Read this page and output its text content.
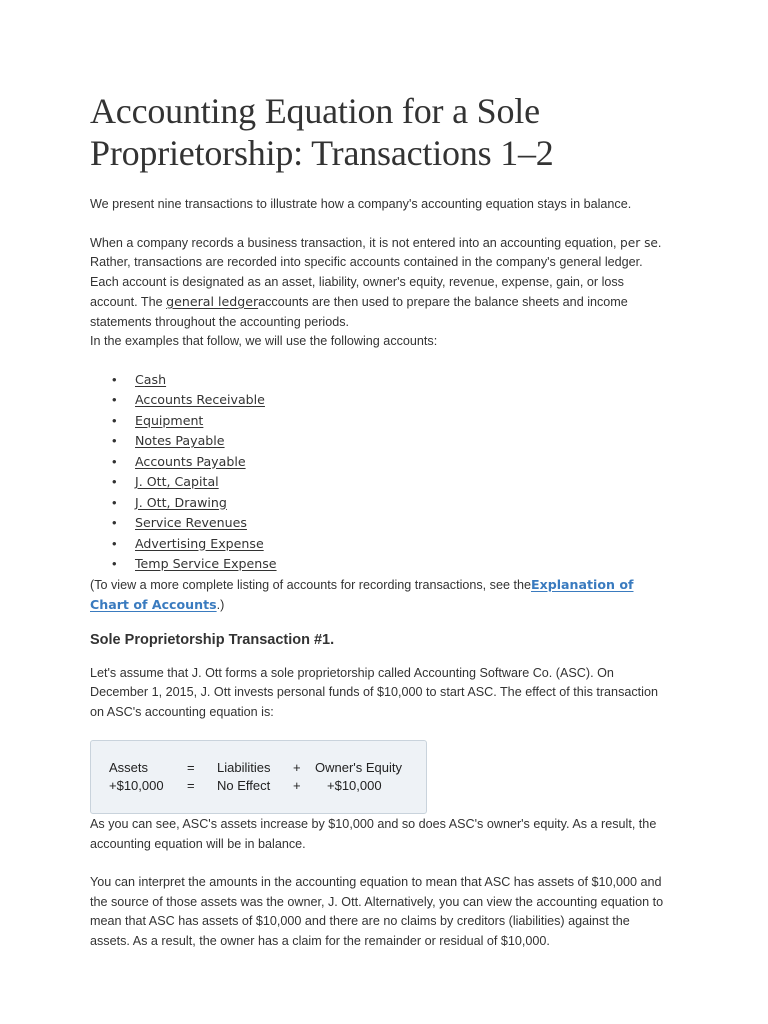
Accounting Equation for a Sole Proprietorship: Transactions 1–2

We present nine transactions to illustrate how a company's accounting equation stays in balance.

When a company records a business transaction, it is not entered into an accounting equation, per se. Rather, transactions are recorded into specific accounts contained in the company's general ledger. Each account is designated as an asset, liability, owner's equity, revenue, expense, gain, or loss account. The general ledgeraccounts are then used to prepare the balance sheets and income statements throughout the accounting periods.

In the examples that follow, we will use the following accounts:

• Cash
• Accounts Receivable
• Equipment
• Notes Payable
• Accounts Payable
• J. Ott, Capital
• J. Ott, Drawing
• Service Revenues
• Advertising Expense
• Temp Service Expense

(To view a more complete listing of accounts for recording transactions, see theExplanation of Chart of Accounts.)

Sole Proprietorship Transaction #1.

Let's assume that J. Ott forms a sole proprietorship called Accounting Software Co. (ASC). On December 1, 2015, J. Ott invests personal funds of $10,000 to start ASC. The effect of this transaction on ASC's accounting equation is:

Assets	= Liabilities + Owner's Equity
+$10,000 = No Effect + +$10,000

As you can see, ASC's assets increase by $10,000 and so does ASC's owner's equity. As a result, the accounting equation will be in balance.

You can interpret the amounts in the accounting equation to mean that ASC has assets of $10,000 and the source of those assets was the owner, J. Ott. Alternatively, you can view the accounting equation to mean that ASC has assets of $10,000 and there are no claims by creditors (liabilities) against the assets. As a result, the owner has a claim for the remainder or residual of $10,000.
